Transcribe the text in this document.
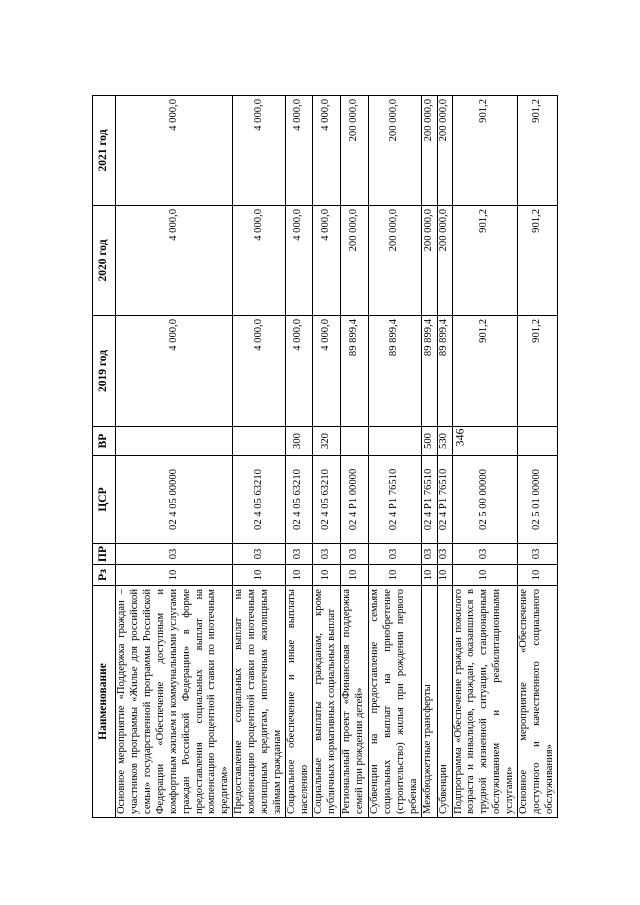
346
Наименование	Рз	ПР	ЦСР	ВР	2019 год	2020 год	2021 год
Основное мероприятие «Поддержка граждан – участников программы «Жилье для российской семьи» государственной программы Российской Федерации «Обеспечение доступным и комфортным жильем и коммунальными услугами граждан Российской Федерации» в форме предоставления социальных выплат на компенсацию процентной ставки по ипотечным кредитам»	10	03	02 4 05 00000		4 000,0	4 000,0	4 000,0
Предоставление социальных выплат на компенсацию процентной ставки по ипотечным жилищным кредитам, ипотечным жилищным займам гражданам	10	03	02 4 05 63210		4 000,0	4 000,0	4 000,0
Социальное обеспечение и иные выплаты населению	10	03	02 4 05 63210	300	4 000,0	4 000,0	4 000,0
Социальные выплаты гражданам, кроме публичных нормативных социальных выплат	10	03	02 4 05 63210	320	4 000,0	4 000,0	4 000,0
Региональный проект «Финансовая поддержка семей при рождении детей»	10	03	02 4 P1 00000		89 899,4	200 000,0	200 000,0
Субвенции на предоставление семьям социальных выплат на приобретение (строительство) жилья при рождении первого ребенка	10	03	02 4 P1 76510		89 899,4	200 000,0	200 000,0
Межбюджетные трансферты	10	03	02 4 P1 76510	500	89 899,4	200 000,0	200 000,0
Субвенции	10	03	02 4 P1 76510	530	89 899,4	200 000,0	200 000,0
Подпрограмма «Обеспечение граждан пожилого возраста и инвалидов, граждан, оказавшихся в трудной жизненной ситуации, стационарным обслуживанием и реабилитационными услугами»	10	03	02 5 00 00000		901,2	901,2	901,2
Основное мероприятие «Обеспечение доступного и качественного социального обслуживания»	10	03	02 5 01 00000		901,2	901,2	901,2
